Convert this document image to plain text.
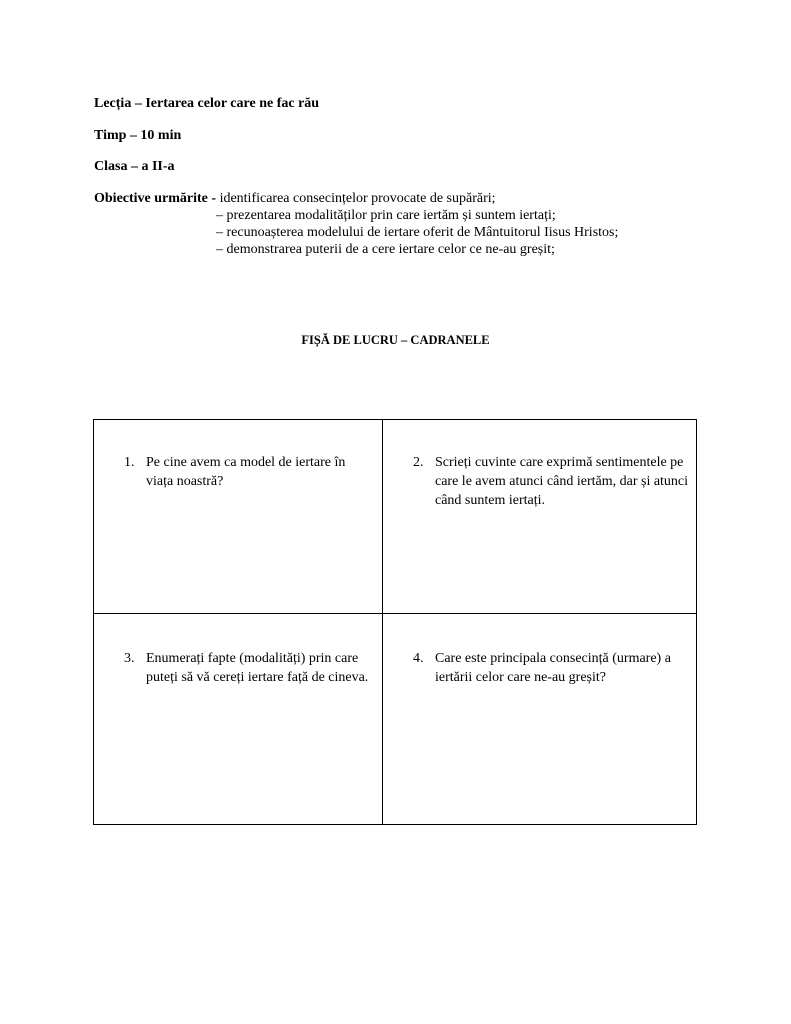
Lecția – Iertarea celor care ne fac rău
Timp – 10 min
Clasa – a II-a
Obiective urmărite - identificarea consecințelor provocate de supărări;
– prezentarea modalităților prin care iertăm și suntem iertați;
– recunoașterea modelului de iertare oferit de Mântuitorul Iisus Hristos;
– demonstrarea puterii de a cere iertare celor ce ne-au greșit;
FIȘĂ DE LUCRU – CADRANELE
1. Pe cine avem ca model de iertare în viața noastră?
2. Scrieți cuvinte care exprimă sentimentele pe care le avem atunci când iertăm, dar și atunci când suntem iertați.
3. Enumerați fapte (modalități) prin care puteți să vă cereți iertare față de cineva.
4. Care este principala consecință (urmare) a iertării celor care ne-au greșit?
